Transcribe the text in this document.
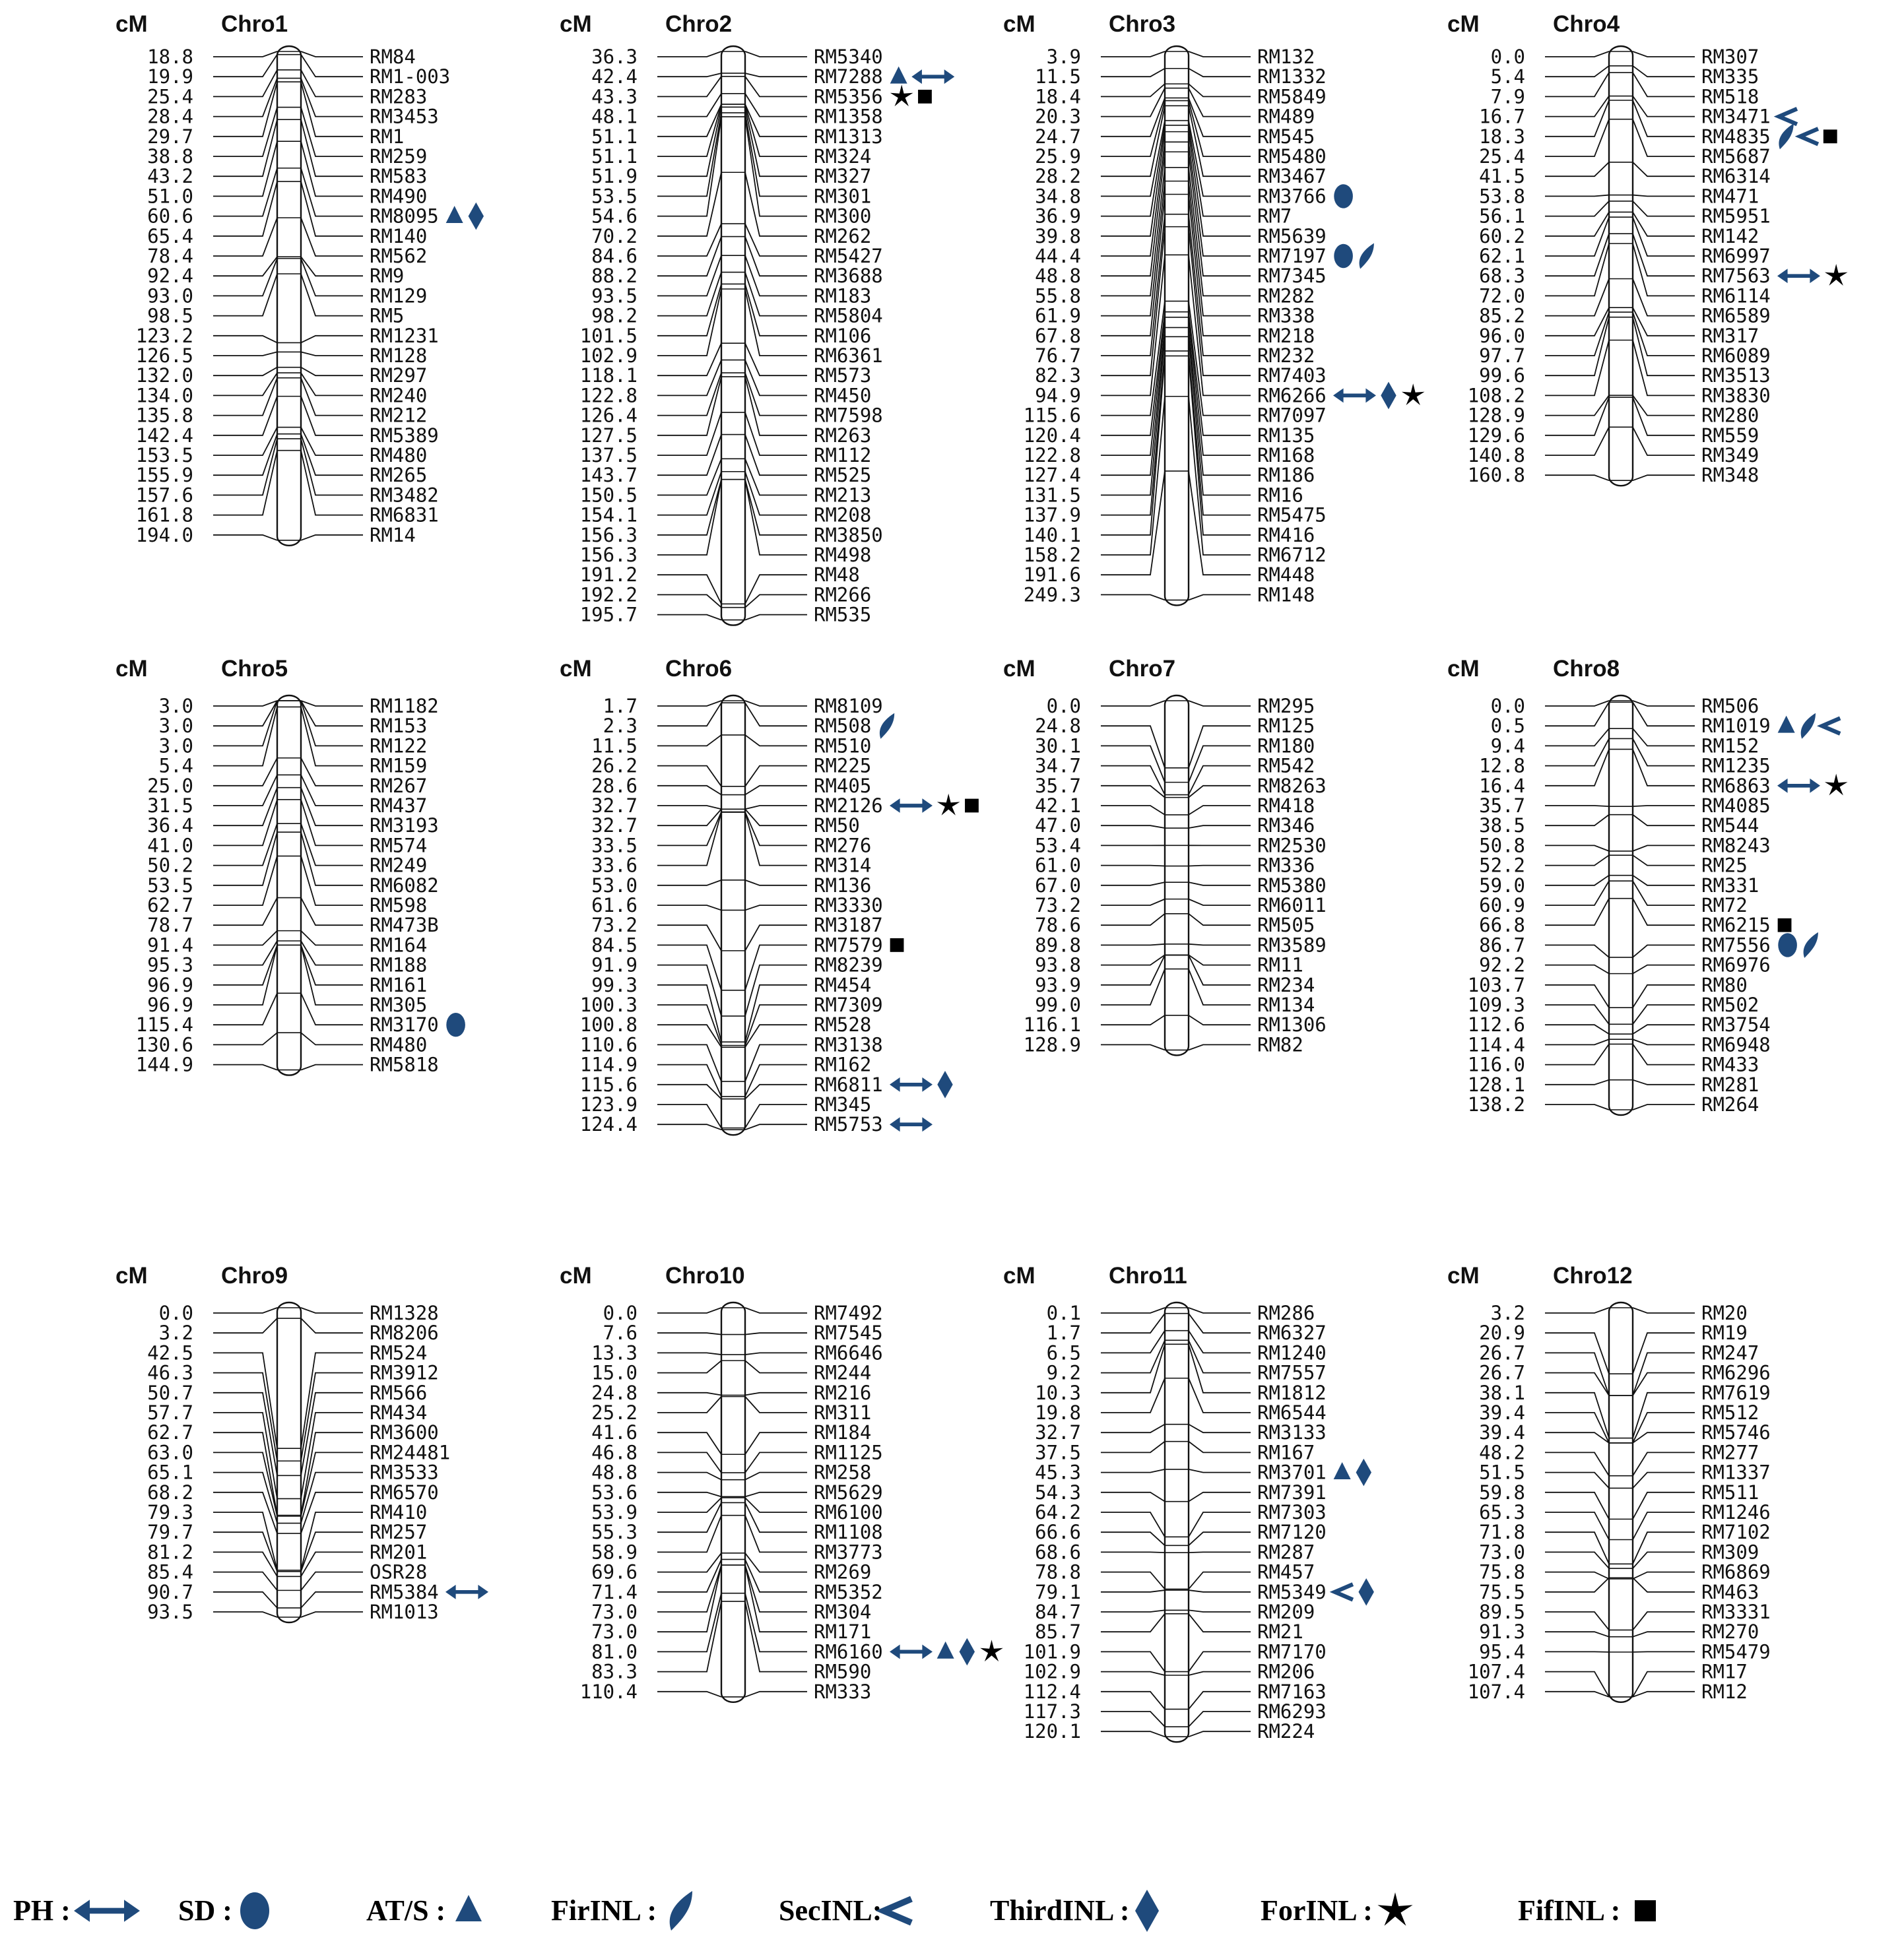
cM	Chro1
18.8	RM84
19.9	RM1-003
25.4	RM283
28.4	RM3453
29.7	RM1
38.8	RM259
43.2	RM583
51.0	RM490
60.6	RM8095
65.4	RM140
78.4	RM562
92.4	RM9
93.0	RM129
98.5	RM5
123.2	RM1231
126.5	RM128
132.0	RM297
134.0	RM240
135.8	RM212
142.4	RM5389
153.5	RM480
155.9	RM265
157.6	RM3482
161.8	RM6831
194.0	RM14
cM	Chro2
36.3	RM5340
42.4	RM7288
43.3	RM5356
48.1	RM1358
51.1	RM1313
51.1	RM324
51.9	RM327
53.5	RM301
54.6	RM300
70.2	RM262
84.6	RM5427
88.2	RM3688
93.5	RM183
98.2	RM5804
101.5	RM106
102.9	RM6361
118.1	RM573
122.8	RM450
126.4	RM7598
127.5	RM263
137.5	RM112
143.7	RM525
150.5	RM213
154.1	RM208
156.3	RM3850
156.3	RM498
191.2	RM48
192.2	RM266
195.7	RM535
cM	Chro3
3.9	RM132
11.5	RM1332
18.4	RM5849
20.3	RM489
24.7	RM545
25.9	RM5480
28.2	RM3467
34.8	RM3766
36.9	RM7
39.8	RM5639
44.4	RM7197
48.8	RM7345
55.8	RM282
61.9	RM338
67.8	RM218
76.7	RM232
82.3	RM7403
94.9	RM6266
115.6	RM7097
120.4	RM135
122.8	RM168
127.4	RM186
131.5	RM16
137.9	RM5475
140.1	RM416
158.2	RM6712
191.6	RM448
249.3	RM148
cM	Chro4
0.0	RM307
5.4	RM335
7.9	RM518
16.7	RM3471
18.3	RM4835
25.4	RM5687
41.5	RM6314
53.8	RM471
56.1	RM5951
60.2	RM142
62.1	RM6997
68.3	RM7563
72.0	RM6114
85.2	RM6589
96.0	RM317
97.7	RM6089
99.6	RM3513
108.2	RM3830
128.9	RM280
129.6	RM559
140.8	RM349
160.8	RM348
cM	Chro5
3.0	RM1182
3.0	RM153
3.0	RM122
5.4	RM159
25.0	RM267
31.5	RM437
36.4	RM3193
41.0	RM574
50.2	RM249
53.5	RM6082
62.7	RM598
78.7	RM473B
91.4	RM164
95.3	RM188
96.9	RM161
96.9	RM305
115.4	RM3170
130.6	RM480
144.9	RM5818
cM	Chro6
1.7	RM8109
2.3	RM508
11.5	RM510
26.2	RM225
28.6	RM405
32.7	RM2126
32.7	RM50
33.5	RM276
33.6	RM314
53.0	RM136
61.6	RM3330
73.2	RM3187
84.5	RM7579
91.9	RM8239
99.3	RM454
100.3	RM7309
100.8	RM528
110.6	RM3138
114.9	RM162
115.6	RM6811
123.9	RM345
124.4	RM5753
cM	Chro7
0.0	RM295
24.8	RM125
30.1	RM180
34.7	RM542
35.7	RM8263
42.1	RM418
47.0	RM346
53.4	RM2530
61.0	RM336
67.0	RM5380
73.2	RM6011
78.6	RM505
89.8	RM3589
93.8	RM11
93.9	RM234
99.0	RM134
116.1	RM1306
128.9	RM82
cM	Chro8
0.0	RM506
0.5	RM1019
9.4	RM152
12.8	RM1235
16.4	RM6863
35.7	RM4085
38.5	RM544
50.8	RM8243
52.2	RM25
59.0	RM331
60.9	RM72
66.8	RM6215
86.7	RM7556
92.2	RM6976
103.7	RM80
109.3	RM502
112.6	RM3754
114.4	RM6948
116.0	RM433
128.1	RM281
138.2	RM264
cM	Chro9
0.0	RM1328
3.2	RM8206
42.5	RM524
46.3	RM3912
50.7	RM566
57.7	RM434
62.7	RM3600
63.0	RM24481
65.1	RM3533
68.2	RM6570
79.3	RM410
79.7	RM257
81.2	RM201
85.4	OSR28
90.7	RM5384
93.5	RM1013
cM	Chro10
0.0	RM7492
7.6	RM7545
13.3	RM6646
15.0	RM244
24.8	RM216
25.2	RM311
41.6	RM184
46.8	RM1125
48.8	RM258
53.6	RM5629
53.9	RM6100
55.3	RM1108
58.9	RM3773
69.6	RM269
71.4	RM5352
73.0	RM304
73.0	RM171
81.0	RM6160
83.3	RM590
110.4	RM333
cM	Chro11
0.1	RM286
1.7	RM6327
6.5	RM1240
9.2	RM7557
10.3	RM1812
19.8	RM6544
32.7	RM3133
37.5	RM167
45.3	RM3701
54.3	RM7391
64.2	RM7303
66.6	RM7120
68.6	RM287
78.8	RM457
79.1	RM5349
84.7	RM209
85.7	RM21
101.9	RM7170
102.9	RM206
112.4	RM7163
117.3	RM6293
120.1	RM224
cM	Chro12
3.2	RM20
20.9	RM19
26.7	RM247
26.7	RM6296
38.1	RM7619
39.4	RM512
39.4	RM5746
48.2	RM277
51.5	RM1337
59.8	RM511
65.3	RM1246
71.8	RM7102
73.0	RM309
75.8	RM6869
75.5	RM463
89.5	RM3331
91.3	RM270
95.4	RM5479
107.4	RM17
107.4	RM12
PH :	SD :	AT/S :	FirINL :	SecINL:	ThirdINL :	ForINL :	FifINL :
